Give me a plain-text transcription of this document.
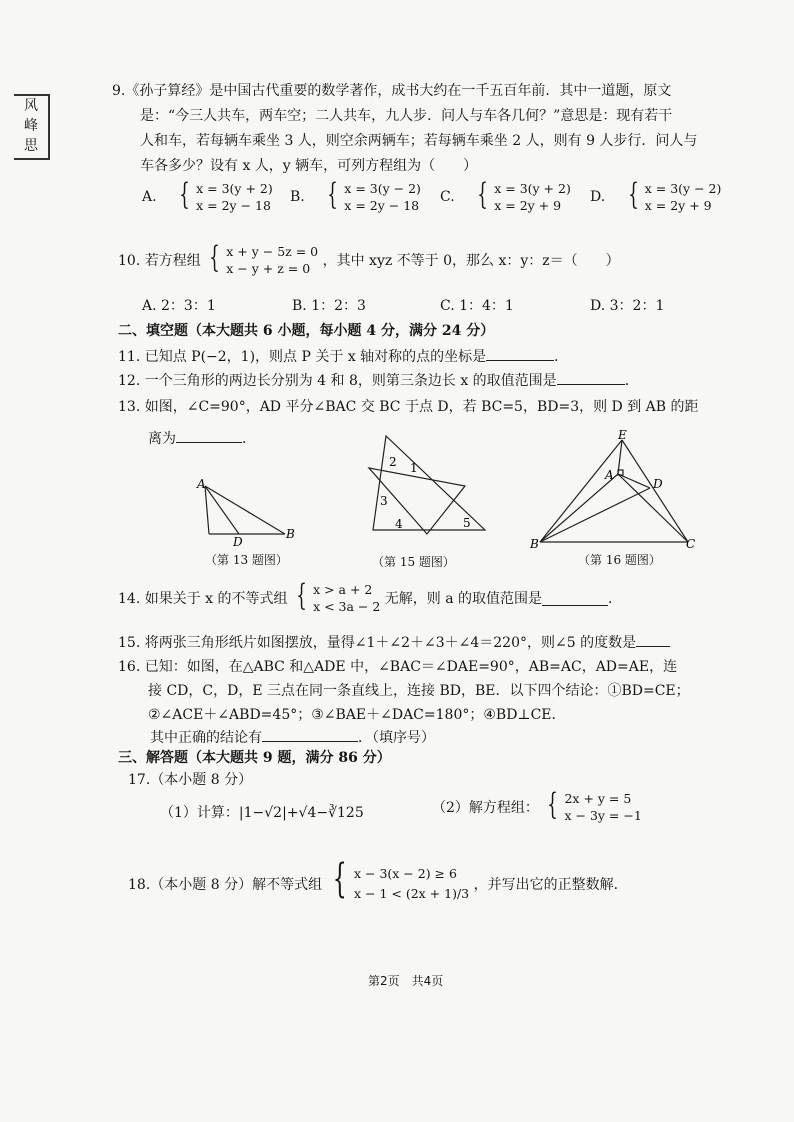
风
峰
思
9.《孙子算经》是中国古代重要的数学著作，成书大约在一千五百年前．其中一道题，原文
是：“今三人共车，两车空；二人共车，九人步．问人与车各几何？”意思是：现有若干
人和车，若每辆车乘坐 3 人，则空余两辆车；若每辆车乘坐 2 人，则有 9 人步行．问人与
车各多少？设有 x 人，y 辆车，可列方程组为（　　）
A. { x = 3(y + 2)
x = 2y − 18
B. { x = 3(y − 2)
x = 2y − 18
C. { x = 3(y + 2)
x = 2y + 9
D. { x = 3(y − 2)
x = 2y + 9
10. 若方程组 { x + y − 5z = 0
x − y + z = 0 ，其中 xyz 不等于 0，那么 x：y：z＝（　　）
A. 2：3：1	B. 1：2：3	C. 1：4：1	D. 3：2：1
二、填空题（本大题共 6 小题，每小题 4 分，满分 24 分）
11. 已知点 P(−2，1)，则点 P 关于 x 轴对称的点的坐标是	．
12. 一个三角形的两边长分别为 4 和 8，则第三条边长 x 的取值范围是	．
13. 如图，∠C=90°，AD 平分∠BAC 交 BC 于点 D，若 BC=5，BD=3，则 D 到 AB 的距
离为	．
A
D
B
（第 13 题图）
2 1
3
4	5
（第 15 题图）
E
A
D
B	C
（第 16 题图）
14. 如果关于 x 的不等式组 { x > a + 2
x < 3a − 2 无解，则 a 的取值范围是	．
15. 将两张三角形纸片如图摆放，量得∠1＋∠2＋∠3＋∠4＝220°，则∠5 的度数是
16. 已知：如图，在△ABC 和△ADE 中，∠BAC＝∠DAE=90°，AB=AC，AD=AE，连
接 CD，C，D，E 三点在同一条直线上，连接 BD，BE．以下四个结论：①BD=CE；
②∠ACE＋∠ABD=45°；③∠BAE＋∠DAC=180°；④BD⊥CE．
其中正确的结论有	．（填序号）
三、解答题（本大题共 9 题，满分 86 分）
17.（本小题 8 分）
（1）计算：|1−√2|+√4−∛125	（2）解方程组： { 2x + y = 5
x − 3y = −1
18.（本小题 8 分）解不等式组 { x − 3(x − 2) ≥ 6
x − 1 < (2x + 1)/3
，并写出它的正整数解．
第2页　共4页
